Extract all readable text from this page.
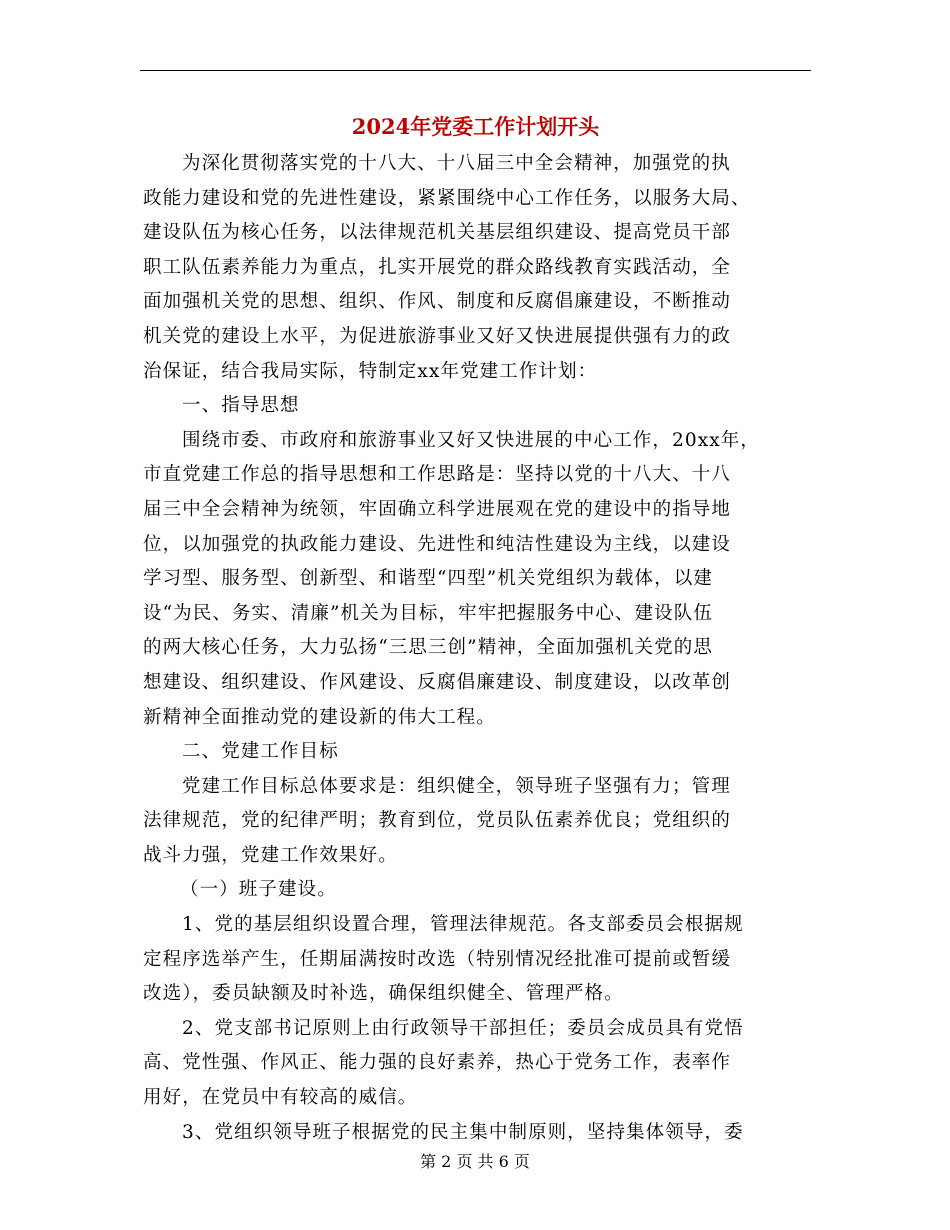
2024年党委工作计划开头
为深化贯彻落实党的十八大、十八届三中全会精神，加强党的执
政能力建设和党的先进性建设，紧紧围绕中心工作任务，以服务大局、
建设队伍为核心任务，以法律规范机关基层组织建设、提高党员干部
职工队伍素养能力为重点，扎实开展党的群众路线教育实践活动，全
面加强机关党的思想、组织、作风、制度和反腐倡廉建设，不断推动
机关党的建设上水平，为促进旅游事业又好又快进展提供强有力的政
治保证，结合我局实际，特制定xx年党建工作计划：
一、指导思想
围绕市委、市政府和旅游事业又好又快进展的中心工作，20xx年，
市直党建工作总的指导思想和工作思路是：坚持以党的十八大、十八
届三中全会精神为统领，牢固确立科学进展观在党的建设中的指导地
位，以加强党的执政能力建设、先进性和纯洁性建设为主线，以建设
学习型、服务型、创新型、和谐型“四型”机关党组织为载体，以建
设“为民、务实、清廉”机关为目标，牢牢把握服务中心、建设队伍
的两大核心任务，大力弘扬“三思三创”精神，全面加强机关党的思
想建设、组织建设、作风建设、反腐倡廉建设、制度建设，以改革创
新精神全面推动党的建设新的伟大工程。
二、党建工作目标
党建工作目标总体要求是：组织健全，领导班子坚强有力；管理
法律规范，党的纪律严明；教育到位，党员队伍素养优良；党组织的
战斗力强，党建工作效果好。
（一）班子建设。
1、党的基层组织设置合理，管理法律规范。各支部委员会根据规
定程序选举产生，任期届满按时改选（特别情况经批准可提前或暂缓
改选），委员缺额及时补选，确保组织健全、管理严格。
2、党支部书记原则上由行政领导干部担任；委员会成员具有党悟
高、党性强、作风正、能力强的良好素养，热心于党务工作，表率作
用好，在党员中有较高的威信。
3、党组织领导班子根据党的民主集中制原则，坚持集体领导，委
第 2 页 共 6 页
